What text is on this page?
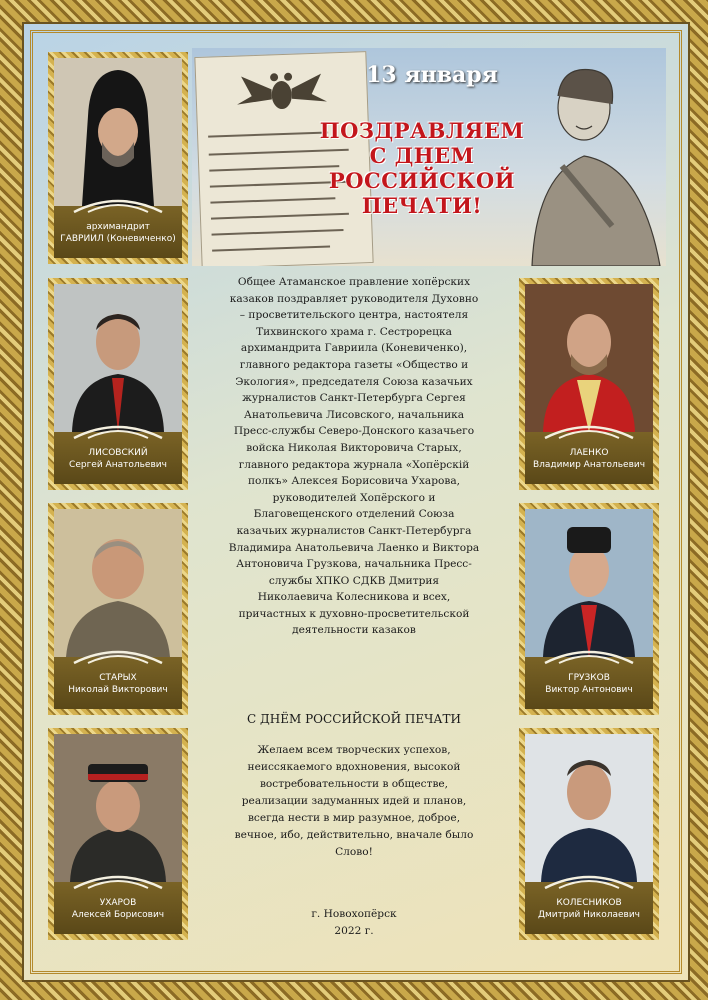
13 января
ПОЗДРАВЛЯЕМ
С ДНЕМ
РОССИЙСКОЙ
ПЕЧАТИ!
архимандрит
ГАВРИИЛ (Коневиченко)
ЛИСОВСКИЙ
Сергей Анатольевич
ЛАЕНКО
Владимир Анатольевич
СТАРЫХ
Николай Викторович
ГРУЗКОВ
Виктор Антонович
УХАРОВ
Алексей Борисович
КОЛЕСНИКОВ
Дмитрий Николаевич
Общее Атаманское правление хопёрских
казаков поздравляет руководителя Духовно
– просветительского центра, настоятеля
Тихвинского храма г. Сестрорецка
архимандрита Гавриила (Коневиченко),
главного редактора газеты «Общество и
Экология», председателя Союза казачьих
журналистов Санкт-Петербурга Сергея
Анатольевича Лисовского, начальника
Пресс-службы Северо-Донского казачьего
войска Николая Викторовича Старых,
главного редактора журнала «Хопёрскiй
полкъ» Алексея Борисовича Ухарова,
руководителей Хопёрского и
Благовещенского отделений Союза
казачьих журналистов Санкт-Петербурга
Владимира Анатольевича Лаенко и Виктора
Антоновича Грузкова, начальника Пресс-
службы ХПКО СДКВ Дмитрия
Николаевича Колесникова и всех,
причастных к духовно-просветительской
деятельности казаков
С ДНЁМ РОССИЙСКОЙ ПЕЧАТИ
Желаем всем творческих успехов,
неиссякаемого вдохновения, высокой
востребовательности в обществе,
реализации задуманных идей и планов,
всегда нести в мир разумное, доброе,
вечное, ибо, действительно, вначале было
Слово!
г. Новохопёрск
2022 г.
